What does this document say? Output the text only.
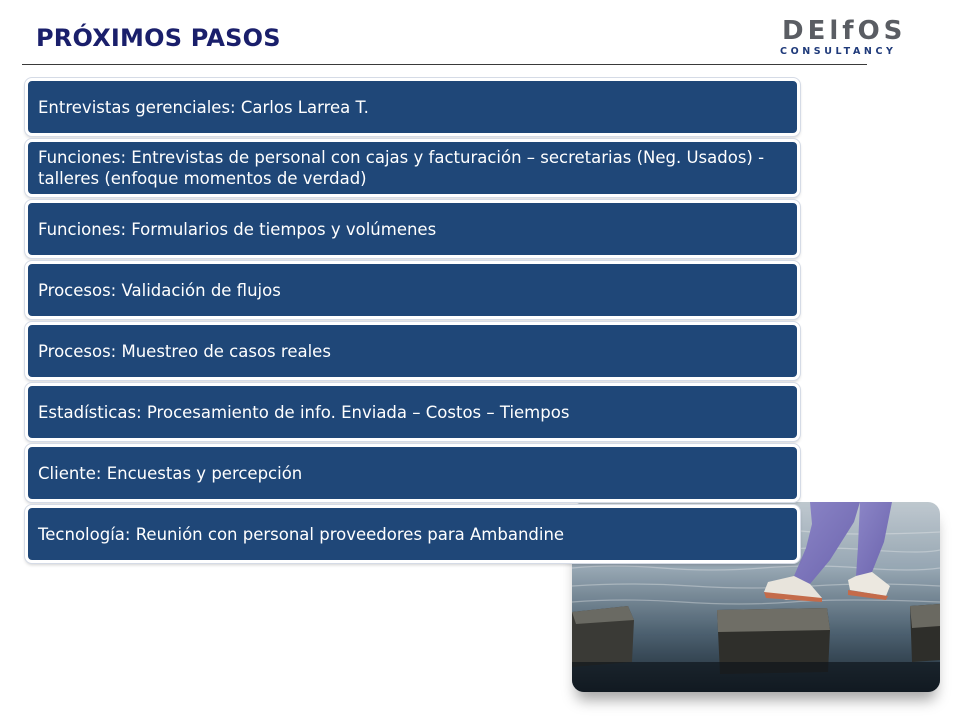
PRÓXIMOS PASOS	DElfOS
CONSULTANCY
Entrevistas gerenciales: Carlos Larrea T.
Funciones: Entrevistas de personal con cajas y facturación – secretarias (Neg. Usados) - talleres (enfoque momentos de verdad)
Funciones: Formularios de tiempos y volúmenes
Procesos: Validación de flujos
Procesos: Muestreo de casos reales
Estadísticas: Procesamiento de info. Enviada – Costos – Tiempos
Cliente: Encuestas y percepción
Tecnología: Reunión con personal proveedores para Ambandine
